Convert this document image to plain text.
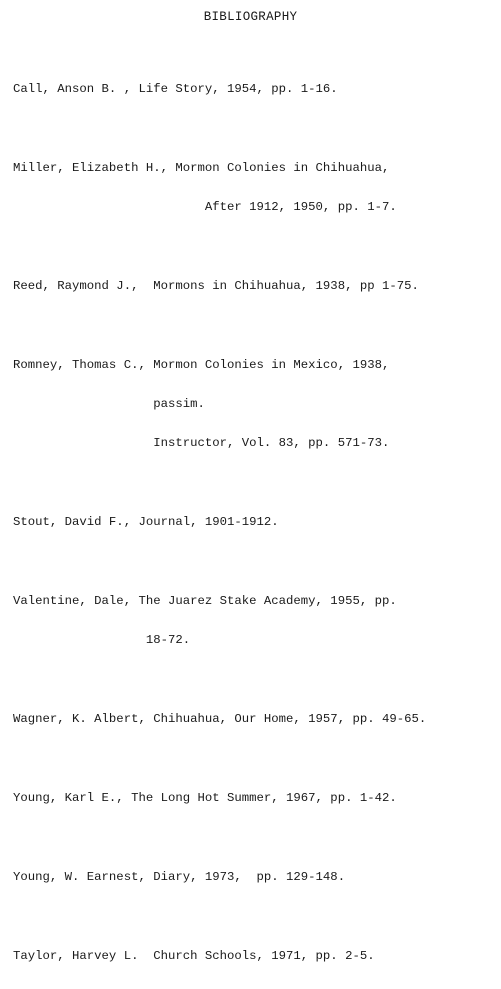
BIBLIOGRAPHY

Call, Anson B. , Life Story, 1954, pp. 1-16.

Miller, Elizabeth H., Mormon Colonies in Chihuahua,

After 1912, 1950, pp. 1-7.

Reed, Raymond J.,  Mormons in Chihuahua, 1938, pp 1-75.

Romney, Thomas C., Mormon Colonies in Mexico, 1938,

passim.

Instructor, Vol. 83, pp. 571-73.

Stout, David F., Journal, 1901-1912.

Valentine, Dale, The Juarez Stake Academy, 1955, pp.

18-72.

Wagner, K. Albert, Chihuahua, Our Home, 1957, pp. 49-65.

Young, Karl E., The Long Hot Summer, 1967, pp. 1-42.

Young, W. Earnest, Diary, 1973,  pp. 129-148.

Taylor, Harvey L.  Church Schools, 1971, pp. 2-5.
